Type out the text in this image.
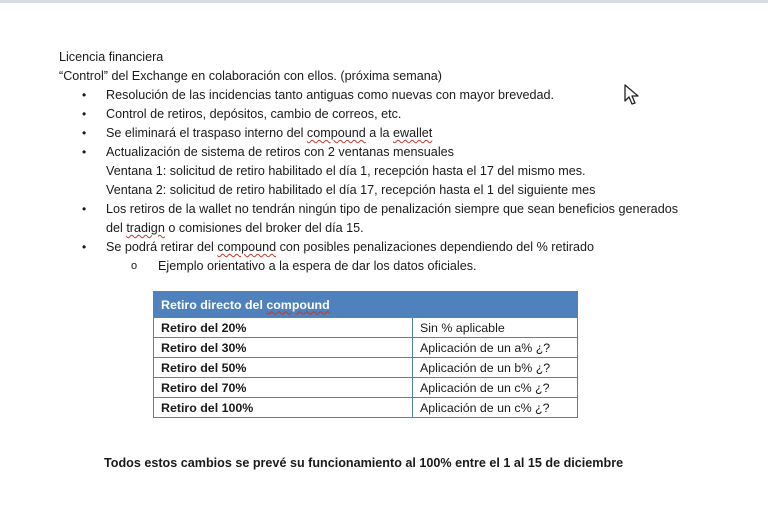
Licencia financiera
“Control” del Exchange en colaboración con ellos. (próxima semana)
• Resolución de las incidencias tanto antiguas como nuevas con mayor brevedad.
• Control de retiros, depósitos, cambio de correos, etc.
• Se eliminará el traspaso interno del compound a la ewallet
• Actualización de sistema de retiros con 2 ventanas mensuales
Ventana 1: solicitud de retiro habilitado el día 1, recepción hasta el 17 del mismo mes.
Ventana 2: solicitud de retiro habilitado el día 17, recepción hasta el 1 del siguiente mes
• Los retiros de la wallet no tendrán ningún tipo de penalización siempre que sean beneficios generados
del tradign o comisiones del broker del día 15.
• Se podrá retirar del compound con posibles penalizaciones dependiendo del % retirado
o Ejemplo orientativo a la espera de dar los datos oficiales.
Retiro directo del compound	
Retiro del 20%	Sin % aplicable
Retiro del 30%	Aplicación de un a% ¿?
Retiro del 50%	Aplicación de un b% ¿?
Retiro del 70%	Aplicación de un c% ¿?
Retiro del 100%	Aplicación de un c% ¿?
Todos estos cambios se prevé su funcionamiento al 100% entre el 1 al 15 de diciembre
